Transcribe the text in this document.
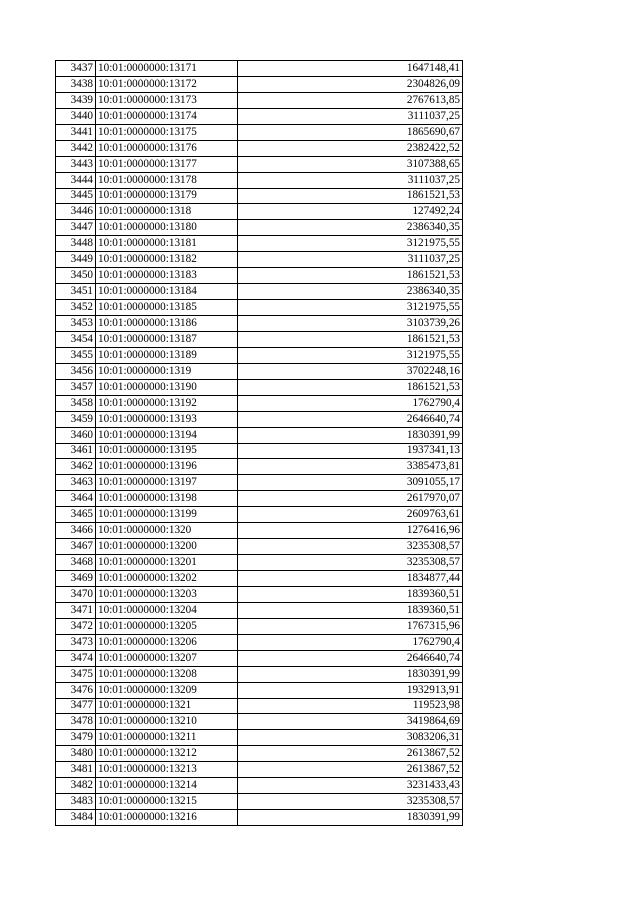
3437	10:01:0000000:13171	1647148,41
3438	10:01:0000000:13172	2304826,09
3439	10:01:0000000:13173	2767613,85
3440	10:01:0000000:13174	3111037,25
3441	10:01:0000000:13175	1865690,67
3442	10:01:0000000:13176	2382422,52
3443	10:01:0000000:13177	3107388,65
3444	10:01:0000000:13178	3111037,25
3445	10:01:0000000:13179	1861521,53
3446	10:01:0000000:1318	127492,24
3447	10:01:0000000:13180	2386340,35
3448	10:01:0000000:13181	3121975,55
3449	10:01:0000000:13182	3111037,25
3450	10:01:0000000:13183	1861521,53
3451	10:01:0000000:13184	2386340,35
3452	10:01:0000000:13185	3121975,55
3453	10:01:0000000:13186	3103739,26
3454	10:01:0000000:13187	1861521,53
3455	10:01:0000000:13189	3121975,55
3456	10:01:0000000:1319	3702248,16
3457	10:01:0000000:13190	1861521,53
3458	10:01:0000000:13192	1762790,4
3459	10:01:0000000:13193	2646640,74
3460	10:01:0000000:13194	1830391,99
3461	10:01:0000000:13195	1937341,13
3462	10:01:0000000:13196	3385473,81
3463	10:01:0000000:13197	3091055,17
3464	10:01:0000000:13198	2617970,07
3465	10:01:0000000:13199	2609763,61
3466	10:01:0000000:1320	1276416,96
3467	10:01:0000000:13200	3235308,57
3468	10:01:0000000:13201	3235308,57
3469	10:01:0000000:13202	1834877,44
3470	10:01:0000000:13203	1839360,51
3471	10:01:0000000:13204	1839360,51
3472	10:01:0000000:13205	1767315,96
3473	10:01:0000000:13206	1762790,4
3474	10:01:0000000:13207	2646640,74
3475	10:01:0000000:13208	1830391,99
3476	10:01:0000000:13209	1932913,91
3477	10:01:0000000:1321	119523,98
3478	10:01:0000000:13210	3419864,69
3479	10:01:0000000:13211	3083206,31
3480	10:01:0000000:13212	2613867,52
3481	10:01:0000000:13213	2613867,52
3482	10:01:0000000:13214	3231433,43
3483	10:01:0000000:13215	3235308,57
3484	10:01:0000000:13216	1830391,99
